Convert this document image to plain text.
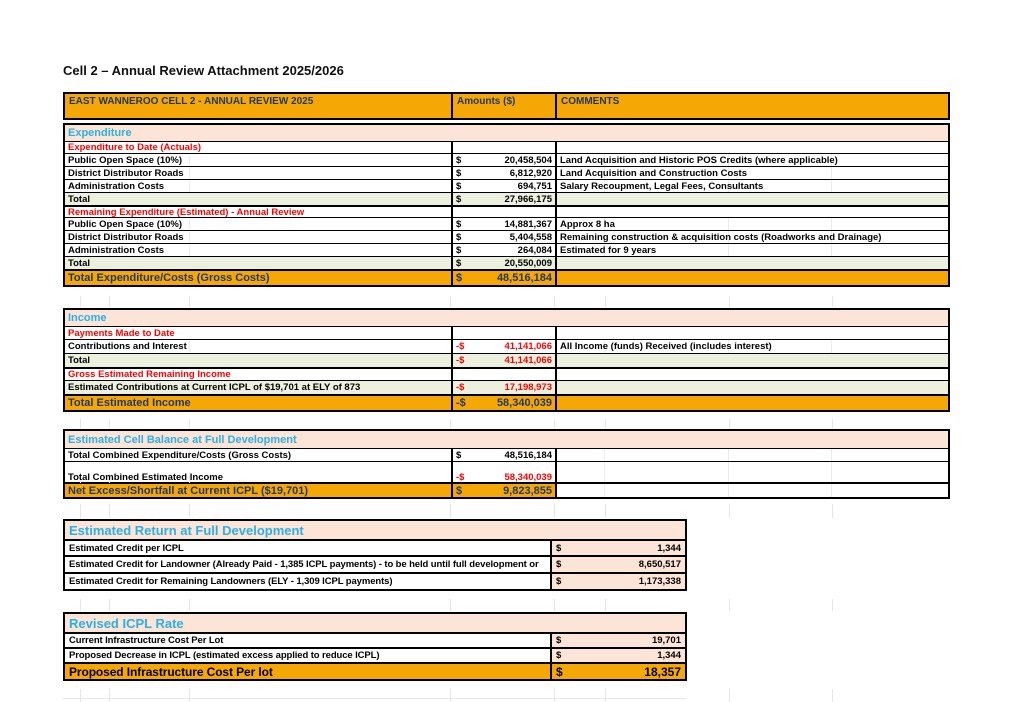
Cell 2 – Annual Review Attachment 2025/2026
EAST WANNEROO CELL 2 - ANNUAL REVIEW 2025	Amounts ($)	COMMENTS
Expenditure
Expenditure to Date (Actuals)
Public Open Space (10%)	$	20,458,504 Land Acquisition and Historic POS Credits (where applicable)
District Distributor Roads	$	6,812,920 Land Acquisition and Construction Costs
Administration Costs	$	694,751 Salary Recoupment, Legal Fees, Consultants
Total	$	27,966,175
Remaining Expenditure (Estimated) - Annual Review
Public Open Space (10%)	$	14,881,367 Approx 8 ha
District Distributor Roads	$	5,404,558 Remaining construction & acquisition costs (Roadworks and Drainage)
Administration Costs	$	264,084 Estimated for 9 years
Total	$	20,550,009
Total Expenditure/Costs (Gross Costs)	$	48,516,184
Income
Payments Made to Date
Contributions and Interest	-$	41,141,066 All Income (funds) Received (includes interest)
Total	-$	41,141,066
Gross Estimated Remaining Income
Estimated Contributions at Current ICPL of $19,701 at ELY of 873	-$	17,198,973
Total Estimated Income	-$	58,340,039
Estimated Cell Balance at Full Development
Total Combined Expenditure/Costs (Gross Costs)	$	48,516,184
Total Combined Estimated Income	-$	58,340,039
Net Excess/Shortfall at Current ICPL ($19,701)	$	9,823,855
Estimated Return at Full Development
Estimated Credit per ICPL	$	1,344
Estimated Credit for Landowner (Already Paid - 1,385 ICPL payments) - to be held until full development or	$	8,650,517
Estimated Credit for Remaining Landowners (ELY - 1,309 ICPL payments)	$	1,173,338
Revised ICPL Rate
Current Infrastructure Cost Per Lot	$	19,701
Proposed Decrease in ICPL (estimated excess applied to reduce ICPL)	$	1,344
Proposed Infrastructure Cost Per lot	$	18,357
